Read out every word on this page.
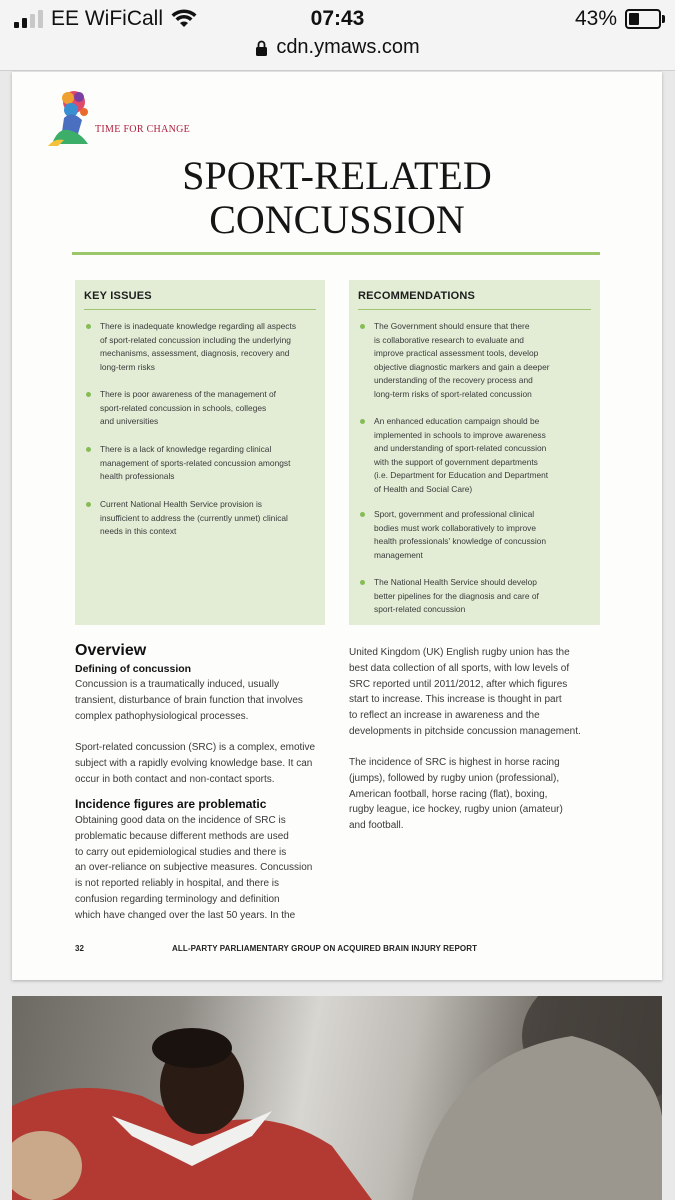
EE WiFiCall	07:43	43%
cdn.ymaws.com
TIME FOR CHANGE
SPORT-RELATED
CONCUSSION
KEY ISSUES
There is inadequate knowledge regarding all aspects
of sport-related concussion including the underlying
mechanisms, assessment, diagnosis, recovery and
long-term risks
There is poor awareness of the management of
sport-related concussion in schools, colleges
and universities
There is a lack of knowledge regarding clinical
management of sports-related concussion amongst
health professionals
Current National Health Service provision is
insufficient to address the (currently unmet) clinical
needs in this context
RECOMMENDATIONS
The Government should ensure that there
is collaborative research to evaluate and
improve practical assessment tools, develop
objective diagnostic markers and gain a deeper
understanding of the recovery process and
long-term risks of sport-related concussion
An enhanced education campaign should be
implemented in schools to improve awareness
and understanding of sport-related concussion
with the support of government departments
(i.e. Department for Education and Department
of Health and Social Care)
Sport, government and professional clinical
bodies must work collaboratively to improve
health professionals' knowledge of concussion
management
The National Health Service should develop
better pipelines for the diagnosis and care of
sport-related concussion
Overview
Defining of concussion
Concussion is a traumatically induced, usually
transient, disturbance of brain function that involves
complex pathophysiological processes.
Sport-related concussion (SRC) is a complex, emotive
subject with a rapidly evolving knowledge base. It can
occur in both contact and non-contact sports.
Incidence figures are problematic
Obtaining good data on the incidence of SRC is
problematic because different methods are used
to carry out epidemiological studies and there is
an over-reliance on subjective measures. Concussion
is not reported reliably in hospital, and there is
confusion regarding terminology and definition
which have changed over the last 50 years. In the
United Kingdom (UK) English rugby union has the
best data collection of all sports, with low levels of
SRC reported until 2011/2012, after which figures
start to increase. This increase is thought in part
to reflect an increase in awareness and the
developments in pitchside concussion management.
The incidence of SRC is highest in horse racing
(jumps), followed by rugby union (professional),
American football, horse racing (flat), boxing,
rugby league, ice hockey, rugby union (amateur)
and football.
32	ALL-PARTY PARLIAMENTARY GROUP ON ACQUIRED BRAIN INJURY REPORT
